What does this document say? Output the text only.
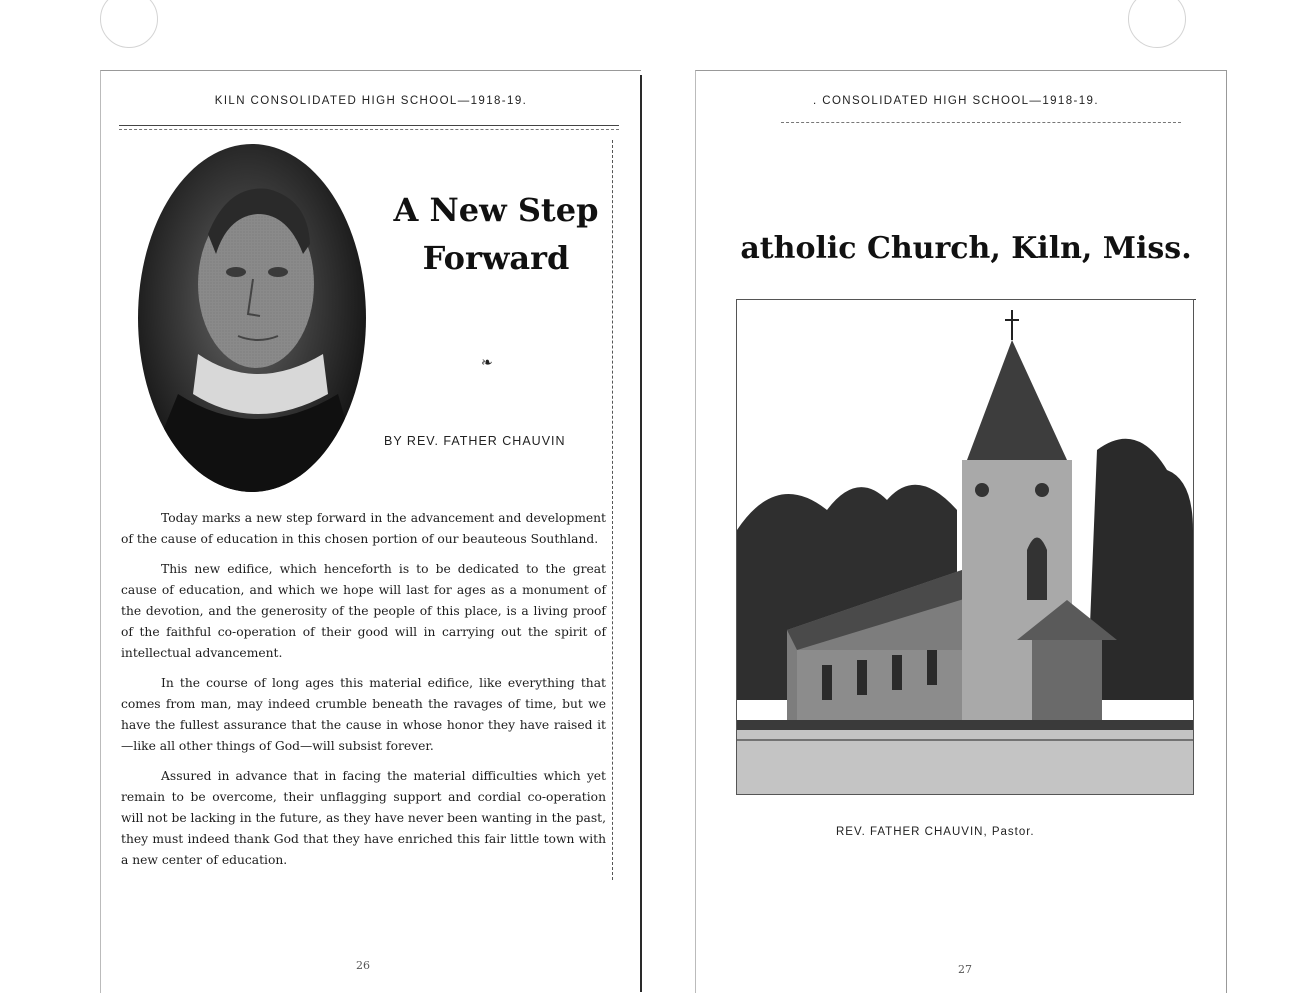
KILN CONSOLIDATED HIGH SCHOOL—1918-19.
A New Step
Forward
❧
BY REV. FATHER CHAUVIN

Today marks a new step forward in the advancement and development of the cause of education in this chosen portion of our beauteous Southland.

This new edifice, which henceforth is to be dedicated to the great cause of education, and which we hope will last for ages as a monument of the devotion, and the generosity of the people of this place, is a living proof of the faithful co-operation of their good will in carrying out the spirit of intellectual advancement.

In the course of long ages this material edifice, like everything that comes from man, may indeed crumble beneath the ravages of time, but we have the fullest assurance that the cause in whose honor they have raised it—like all other things of God—will subsist forever.

Assured in advance that in facing the material difficulties which yet remain to be overcome, their unflagging support and cordial co-operation will not be lacking in the future, as they have never been wanting in the past, they must indeed thank God that they have enriched this fair little town with a new center of education.

26
. CONSOLIDATED HIGH SCHOOL—1918-19.
atholic Church, Kiln, Miss.
REV. FATHER CHAUVIN, Pastor.
27
